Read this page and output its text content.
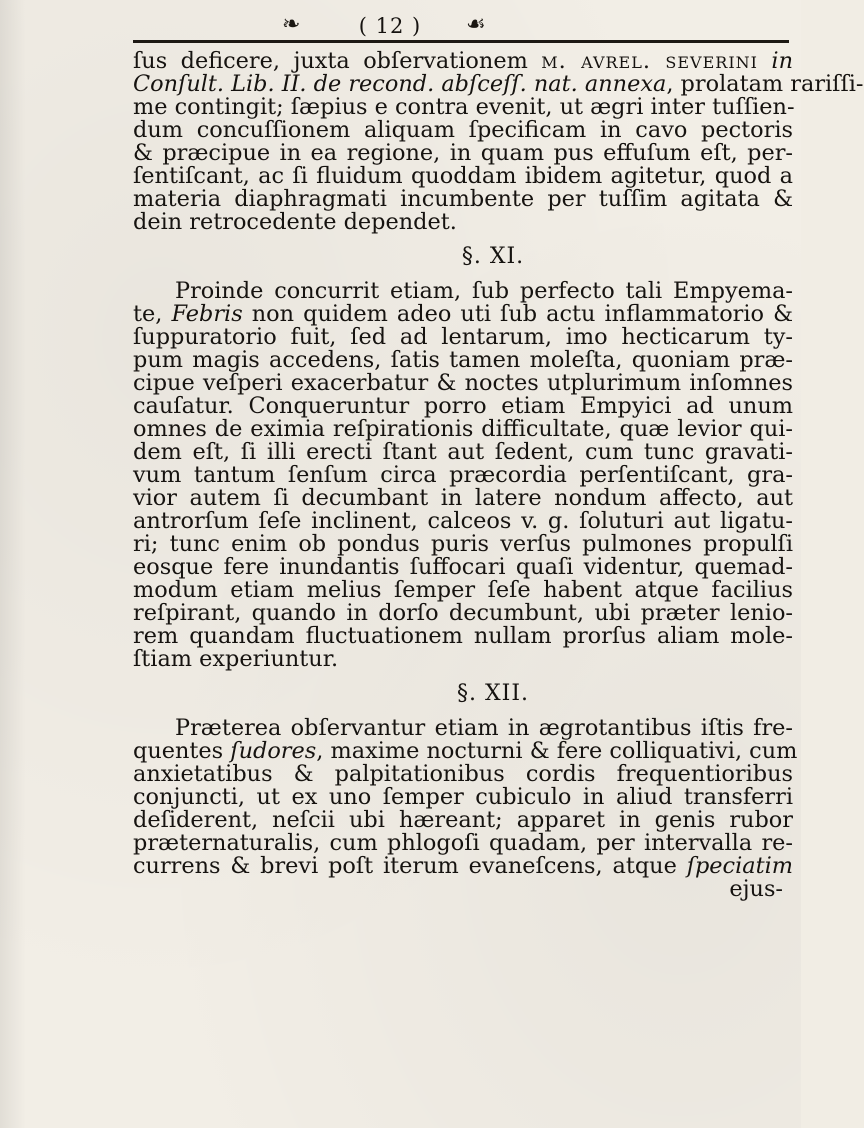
❧	( 12 )	☙
ſus deficere, juxta obſervationem m. avrel. severini in
Conſult. Lib. II. de recond. abſceſſ. nat. annexa, prolatam rariſſi-
me contingit; ſæpius e contra evenit, ut ægri inter tuſſien-
dum concuſſionem aliquam ſpecificam in cavo pectoris
& præcipue in ea regione, in quam pus effuſum eſt, per-
ſentiſcant, ac ſi fluidum quoddam ibidem agitetur, quod a
materia diaphragmati incumbente per tuſſim agitata &
dein retrocedente dependet.
§. XI.
Proinde concurrit etiam, ſub perfecto tali Empyema-
te, Febris non quidem adeo uti ſub actu inflammatorio &
ſuppuratorio fuit, ſed ad lentarum, imo hecticarum ty-
pum magis accedens, ſatis tamen moleſta, quoniam præ-
cipue veſperi exacerbatur & noctes utplurimum inſomnes
cauſatur. Conqueruntur porro etiam Empyici ad unum
omnes de eximia reſpirationis difficultate, quæ levior qui-
dem eſt, ſi illi erecti ſtant aut ſedent, cum tunc gravati-
vum tantum ſenſum circa præcordia perſentiſcant, gra-
vior autem ſi decumbant in latere nondum affecto, aut
antrorſum ſeſe inclinent, calceos v. g. ſoluturi aut ligatu-
ri; tunc enim ob pondus puris verſus pulmones propulſi
eosque fere inundantis ſuffocari quaſi videntur, quemad-
modum etiam melius ſemper ſeſe habent atque facilius
reſpirant, quando in dorſo decumbunt, ubi præter lenio-
rem quandam fluctuationem nullam prorſus aliam mole-
ſtiam experiuntur.
§. XII.
Præterea obſervantur etiam in ægrotantibus iſtis fre-
quentes ſudores, maxime nocturni & fere colliquativi, cum
anxietatibus & palpitationibus cordis frequentioribus
conjuncti, ut ex uno ſemper cubiculo in aliud transferri
deſiderent, neſcii ubi hæreant; apparet in genis rubor
præternaturalis, cum phlogoſi quadam, per intervalla re-
currens & brevi poſt iterum evaneſcens, atque ſpeciatim
ejus-
